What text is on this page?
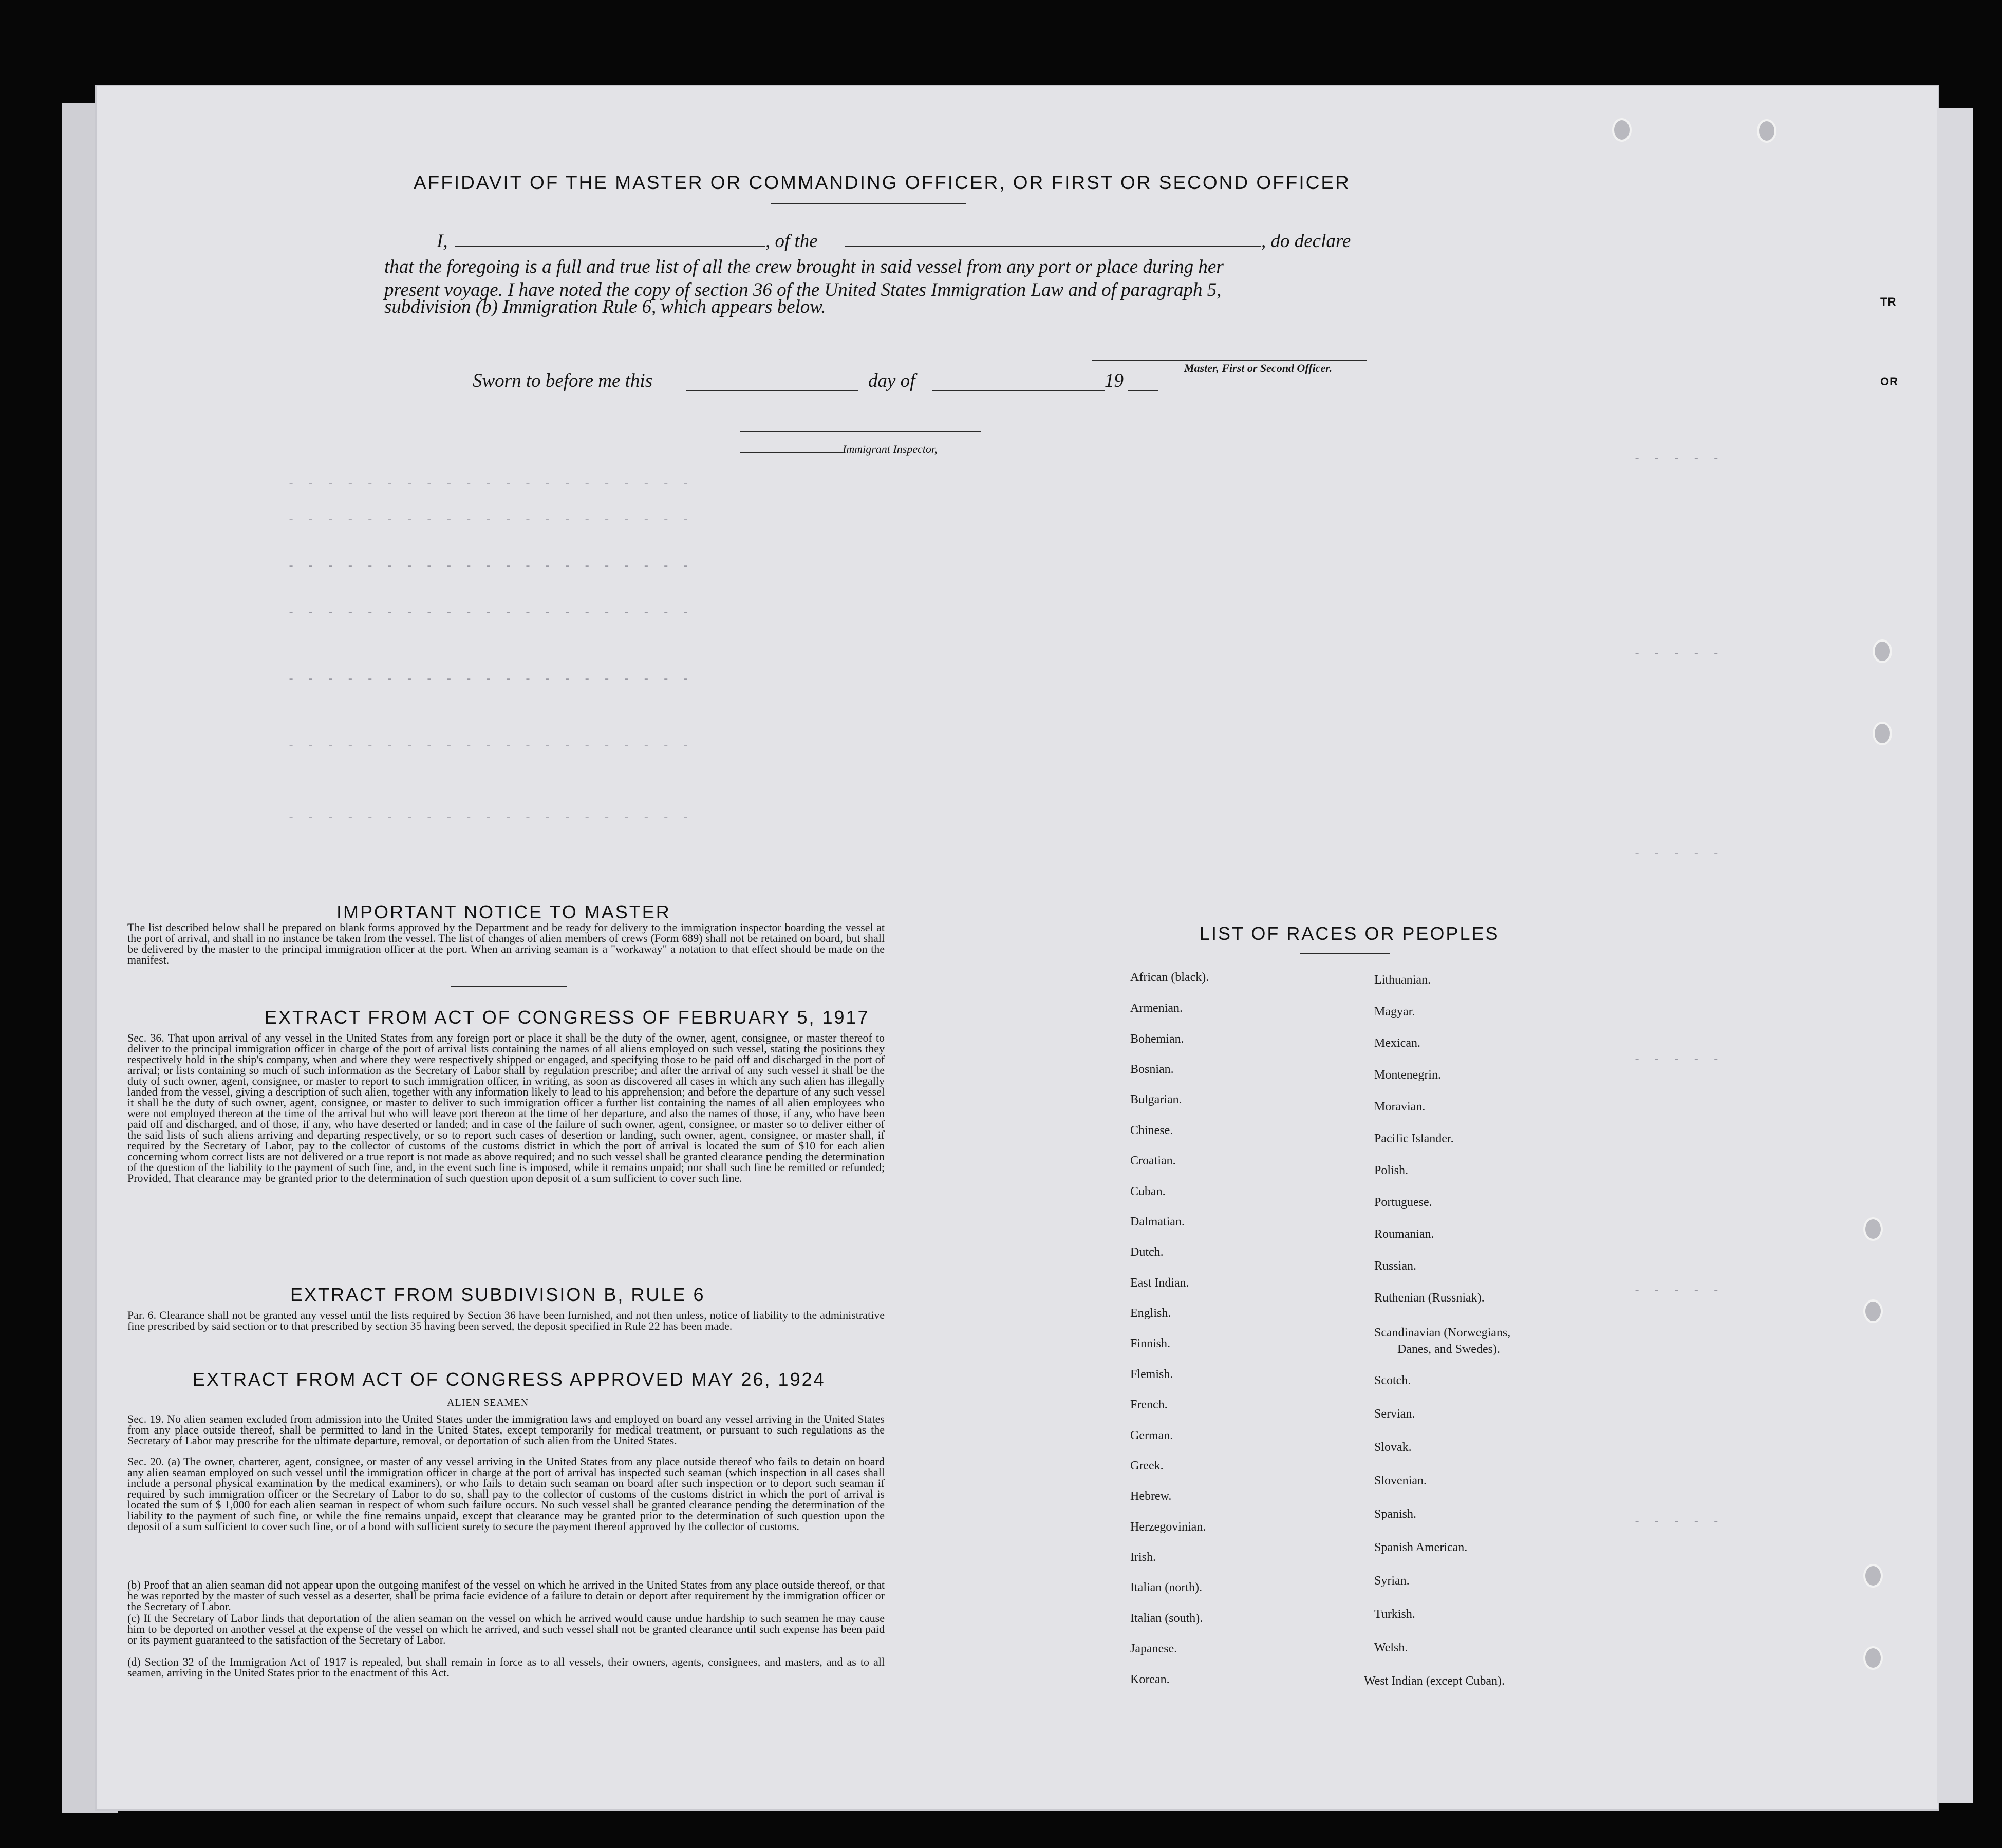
- - - - - - - - - - - - - - - - - - - - -
- - - - - - - - - - - - - - - - - - - - -
- - - - - - - - - - - - - - - - - - - - -
- - - - - - - - - - - - - - - - - - - - -
- - - - - - - - - - - - - - - - - - - - -
- - - - - - - - - - - - - - - - - - - - -
- - - - - - - - - - - - - - - - - - - - -
- - - - -
- - - - -
- - - - -
- - - - -
- - - - -
- - - - -
TR
OR
AFFIDAVIT OF THE MASTER OR COMMANDING OFFICER, OR FIRST OR SECOND OFFICER
I,	, of the	, do declare
that the foregoing is a full and true list of all the crew brought in said vessel from any port or place during her
present voyage. I have noted the copy of section 36 of the United States Immigration Law and of paragraph 5,
subdivision (b) Immigration Rule 6, which appears below.
Master, First or Second Officer.
Sworn to before me this	day of	19
Immigrant Inspector,
IMPORTANT NOTICE TO MASTER
The list described below shall be prepared on blank forms approved by the Department and be ready for delivery to the immigration inspector boarding the vessel at the port of arrival, and shall in no instance be taken from the vessel. The list of changes of alien members of crews (Form 689) shall not be retained on board, but shall be delivered by the master to the principal immigration officer at the port. When an arriving seaman is a "workaway" a notation to that effect should be made on the manifest.
EXTRACT FROM ACT OF CONGRESS OF FEBRUARY 5, 1917
Sec. 36. That upon arrival of any vessel in the United States from any foreign port or place it shall be the duty of the owner, agent, consignee, or master thereof to deliver to the principal immigration officer in charge of the port of arrival lists containing the names of all aliens employed on such vessel, stating the positions they respectively hold in the ship's company, when and where they were respectively shipped or engaged, and specifying those to be paid off and discharged in the port of arrival; or lists containing so much of such information as the Secretary of Labor shall by regulation prescribe; and after the arrival of any such vessel it shall be the duty of such owner, agent, consignee, or master to report to such immigration officer, in writing, as soon as discovered all cases in which any such alien has illegally landed from the vessel, giving a description of such alien, together with any information likely to lead to his apprehension; and before the departure of any such vessel it shall be the duty of such owner, agent, consignee, or master to deliver to such immigration officer a further list containing the names of all alien employees who were not employed thereon at the time of the arrival but who will leave port thereon at the time of her departure, and also the names of those, if any, who have been paid off and discharged, and of those, if any, who have deserted or landed; and in case of the failure of such owner, agent, consignee, or master so to deliver either of the said lists of such aliens arriving and departing respectively, or so to report such cases of desertion or landing, such owner, agent, consignee, or master shall, if required by the Secretary of Labor, pay to the collector of customs of the customs district in which the port of arrival is located the sum of $10 for each alien concerning whom correct lists are not delivered or a true report is not made as above required; and no such vessel shall be granted clearance pending the determination of the question of the liability to the payment of such fine, and, in the event such fine is imposed, while it remains unpaid; nor shall such fine be remitted or refunded; Provided, That clearance may be granted prior to the determination of such question upon deposit of a sum sufficient to cover such fine.
EXTRACT FROM SUBDIVISION B, RULE 6
Par. 6. Clearance shall not be granted any vessel until the lists required by Section 36 have been furnished, and not then unless, notice of liability to the administrative fine prescribed by said section or to that prescribed by section 35 having been served, the deposit specified in Rule 22 has been made.
EXTRACT FROM ACT OF CONGRESS APPROVED MAY 26, 1924
ALIEN SEAMEN
Sec. 19. No alien seamen excluded from admission into the United States under the immigration laws and employed on board any vessel arriving in the United States from any place outside thereof, shall be permitted to land in the United States, except temporarily for medical treatment, or pursuant to such regulations as the Secretary of Labor may prescribe for the ultimate departure, removal, or deportation of such alien from the United States.
Sec. 20. (a) The owner, charterer, agent, consignee, or master of any vessel arriving in the United States from any place outside thereof who fails to detain on board any alien seaman employed on such vessel until the immigration officer in charge at the port of arrival has inspected such seaman (which inspection in all cases shall include a personal physical examination by the medical examiners), or who fails to detain such seaman on board after such inspection or to deport such seaman if required by such immigration officer or the Secretary of Labor to do so, shall pay to the collector of customs of the customs district in which the port of arrival is located the sum of $ 1,000 for each alien seaman in respect of whom such failure occurs. No such vessel shall be granted clearance pending the determination of the liability to the payment of such fine, or while the fine remains unpaid, except that clearance may be granted prior to the determination of such question upon the deposit of a sum sufficient to cover such fine, or of a bond with sufficient surety to secure the payment thereof approved by the collector of customs.
(b) Proof that an alien seaman did not appear upon the outgoing manifest of the vessel on which he arrived in the United States from any place outside thereof, or that he was reported by the master of such vessel as a deserter, shall be prima facie evidence of a failure to detain or deport after requirement by the immigration officer or the Secretary of Labor.
(c) If the Secretary of Labor finds that deportation of the alien seaman on the vessel on which he arrived would cause undue hardship to such seamen he may cause him to be deported on another vessel at the expense of the vessel on which he arrived, and such vessel shall not be granted clearance until such expense has been paid or its payment guaranteed to the satisfaction of the Secretary of Labor.
(d) Section 32 of the Immigration Act of 1917 is repealed, but shall remain in force as to all vessels, their owners, agents, consignees, and masters, and as to all seamen, arriving in the United States prior to the enactment of this Act.
LIST OF RACES OR PEOPLES
African (black).
Armenian.
Bohemian.
Bosnian.
Bulgarian.
Chinese.
Croatian.
Cuban.
Dalmatian.
Dutch.
East Indian.
English.
Finnish.
Flemish.
French.
German.
Greek.
Hebrew.
Herzegovinian.
Irish.
Italian (north).
Italian (south).
Japanese.
Korean.
Lithuanian.
Magyar.
Mexican.
Montenegrin.
Moravian.
Pacific Islander.
Polish.
Portuguese.
Roumanian.
Russian.
Ruthenian (Russniak).
Scandinavian (Norwegians,
Danes, and Swedes).
Scotch.
Servian.
Slovak.
Slovenian.
Spanish.
Spanish American.
Syrian.
Turkish.
Welsh.
West Indian (except Cuban).
